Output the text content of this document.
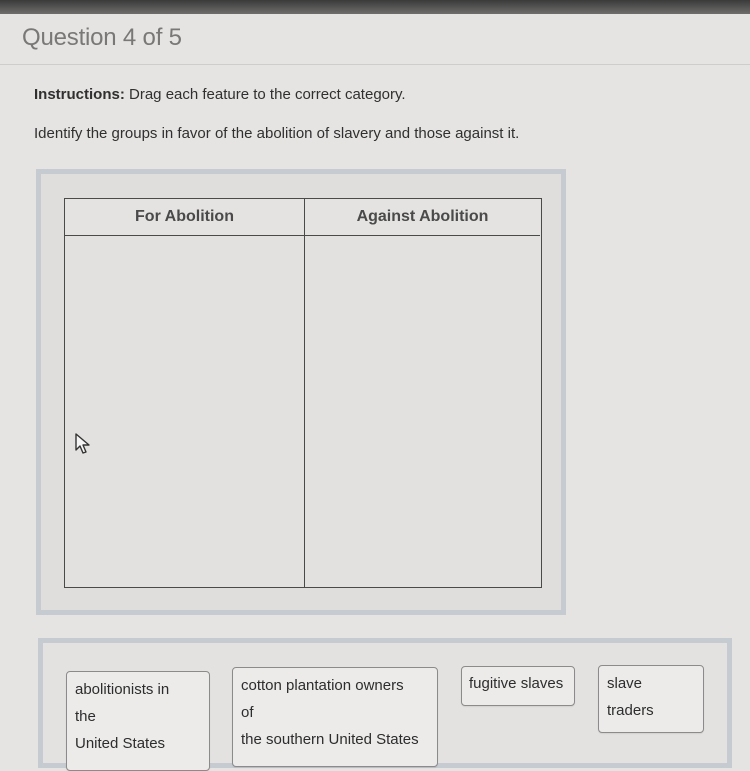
Question 4 of 5
Instructions: Drag each feature to the correct category.
Identify the groups in favor of the abolition of slavery and those against it.
For Abolition	Against Abolition
abolitionists in
the
United States
cotton plantation owners
of
the southern United States
fugitive slaves	slave
traders
